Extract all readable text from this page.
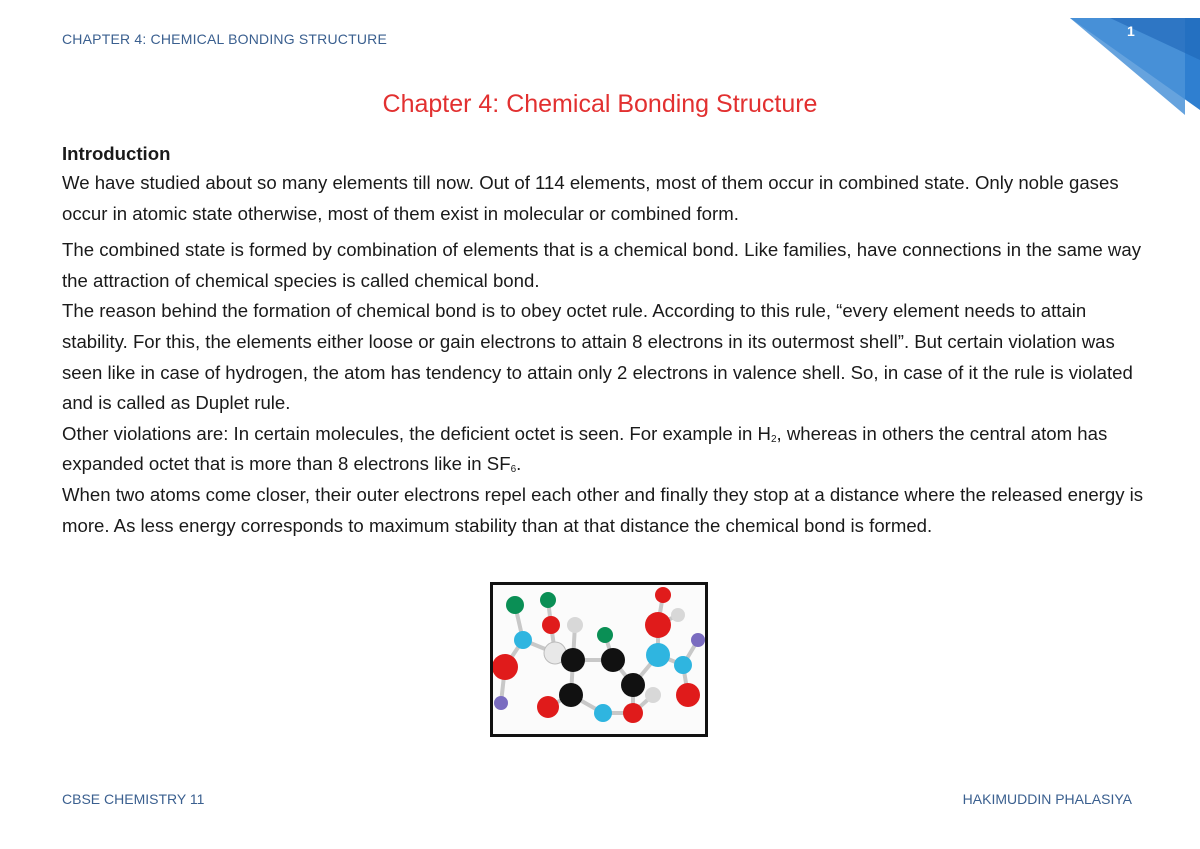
CHAPTER 4: CHEMICAL BONDING STRUCTURE	1
Chapter 4: Chemical Bonding Structure

Introduction

We have studied about so many elements till now. Out of 114 elements, most of them occur in combined state. Only noble gases occur in atomic state otherwise, most of them exist in molecular or combined form.

The combined state is formed by combination of elements that is a chemical bond. Like families, have connections in the same way the attraction of chemical species is called chemical bond.

The reason behind the formation of chemical bond is to obey octet rule. According to this rule, “every element needs to attain stability. For this, the elements either loose or gain electrons to attain 8 electrons in its outermost shell”. But certain violation was seen like in case of hydrogen, the atom has tendency to attain only 2 electrons in valence shell. So, in case of it the rule is violated and is called as Duplet rule.

Other violations are: In certain molecules, the deficient octet is seen. For example in $H_2$, whereas in others the central atom has expanded octet that is more than 8 electrons like in $SF_6$.

When two atoms come closer, their outer electrons repel each other and finally they stop at a distance where the released energy is more. As less energy corresponds to maximum stability than at that distance the chemical bond is formed.

CBSE CHEMISTRY 11	HAKIMUDDIN PHALASIYA
